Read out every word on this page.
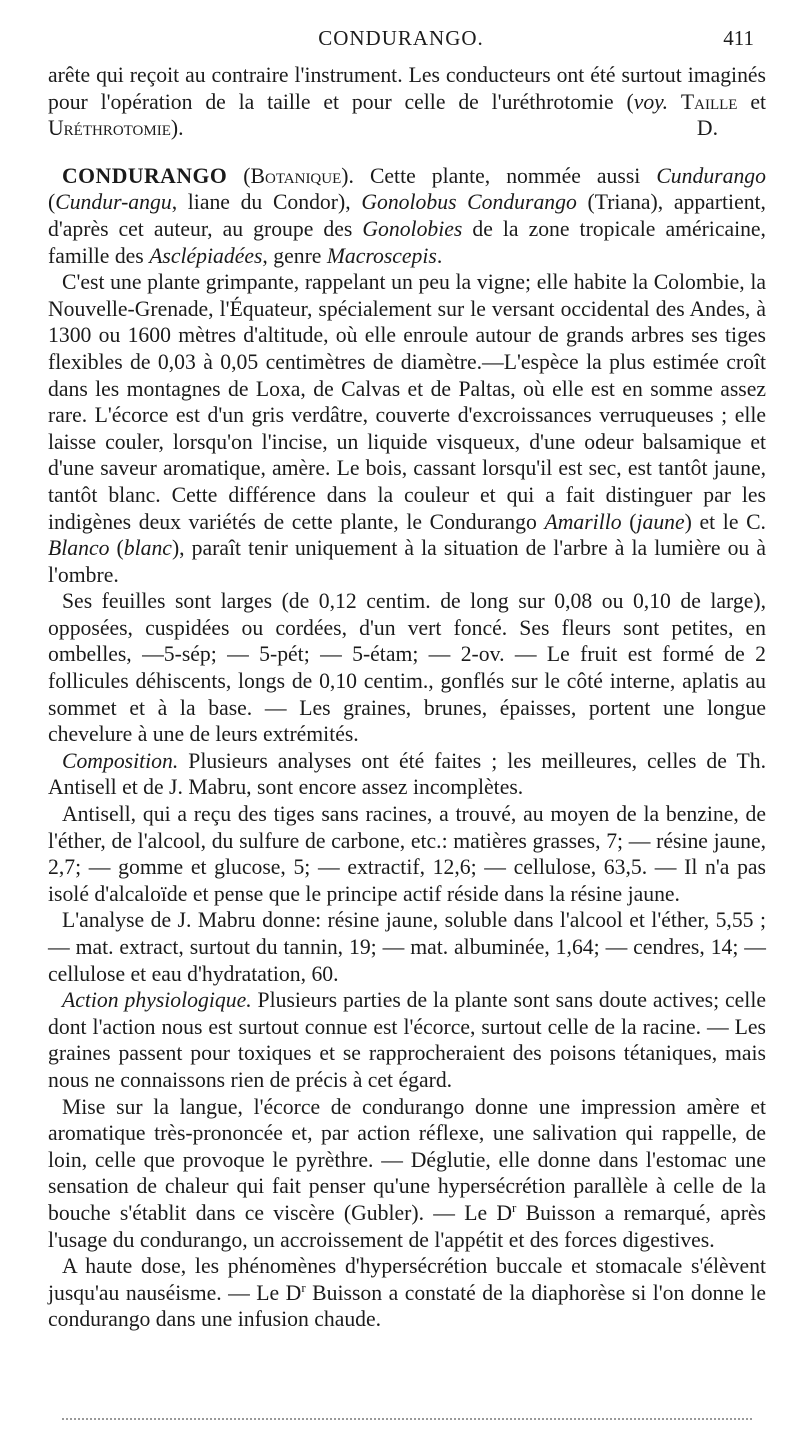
CONDURANGO.	411

arête qui reçoit au contraire l'instrument. Les conducteurs ont été surtout imaginés pour l'opération de la taille et pour celle de l'uréthrotomie (voy. Taille et Uréthrotomie).	D.

CONDURANGO (Botanique). Cette plante, nommée aussi Cundurango (Cundur-angu, liane du Condor), Gonolobus Condurango (Triana), appartient, d'après cet auteur, au groupe des Gonolobies de la zone tropicale américaine, famille des Asclépiadées, genre Macroscepis.

C'est une plante grimpante, rappelant un peu la vigne; elle habite la Colombie, la Nouvelle-Grenade, l'Équateur, spécialement sur le versant occidental des Andes, à 1300 ou 1600 mètres d'altitude, où elle enroule autour de grands arbres ses tiges flexibles de 0,03 à 0,05 centimètres de diamètre.—L'espèce la plus estimée croît dans les montagnes de Loxa, de Calvas et de Paltas, où elle est en somme assez rare. L'écorce est d'un gris verdâtre, couverte d'excroissances verruqueuses ; elle laisse couler, lorsqu'on l'incise, un liquide visqueux, d'une odeur balsamique et d'une saveur aromatique, amère. Le bois, cassant lorsqu'il est sec, est tantôt jaune, tantôt blanc. Cette différence dans la couleur et qui a fait distinguer par les indigènes deux variétés de cette plante, le Condurango Amarillo (jaune) et le C. Blanco (blanc), paraît tenir uniquement à la situation de l'arbre à la lumière ou à l'ombre.

Ses feuilles sont larges (de 0,12 centim. de long sur 0,08 ou 0,10 de large), opposées, cuspidées ou cordées, d'un vert foncé. Ses fleurs sont petites, en ombelles, —5-sép; — 5-pét; — 5-étam; — 2-ov. — Le fruit est formé de 2 follicules déhiscents, longs de 0,10 centim., gonflés sur le côté interne, aplatis au sommet et à la base. — Les graines, brunes, épaisses, portent une longue chevelure à une de leurs extrémités.

Composition. Plusieurs analyses ont été faites ; les meilleures, celles de Th. Antisell et de J. Mabru, sont encore assez incomplètes.

Antisell, qui a reçu des tiges sans racines, a trouvé, au moyen de la benzine, de l'éther, de l'alcool, du sulfure de carbone, etc.: matières grasses, 7; — résine jaune, 2,7; — gomme et glucose, 5; — extractif, 12,6; — cellulose, 63,5. — Il n'a pas isolé d'alcaloïde et pense que le principe actif réside dans la résine jaune.

L'analyse de J. Mabru donne: résine jaune, soluble dans l'alcool et l'éther, 5,55 ; — mat. extract, surtout du tannin, 19; — mat. albuminée, 1,64; — cendres, 14; — cellulose et eau d'hydratation, 60.

Action physiologique. Plusieurs parties de la plante sont sans doute actives; celle dont l'action nous est surtout connue est l'écorce, surtout celle de la racine. — Les graines passent pour toxiques et se rapprocheraient des poisons tétaniques, mais nous ne connaissons rien de précis à cet égard.

Mise sur la langue, l'écorce de condurango donne une impression amère et aromatique très-prononcée et, par action réflexe, une salivation qui rappelle, de loin, celle que provoque le pyrèthre. — Déglutie, elle donne dans l'estomac une sensation de chaleur qui fait penser qu'une hypersécrétion parallèle à celle de la bouche s'établit dans ce viscère (Gubler). — Le $D^r$ Buisson a remarqué, après l'usage du condurango, un accroissement de l'appétit et des forces digestives.

A haute dose, les phénomènes d'hypersécrétion buccale et stomacale s'élèvent jusqu'au nauséisme. — Le $D^r$ Buisson a constaté de la diaphorèse si l'on donne le condurango dans une infusion chaude.
